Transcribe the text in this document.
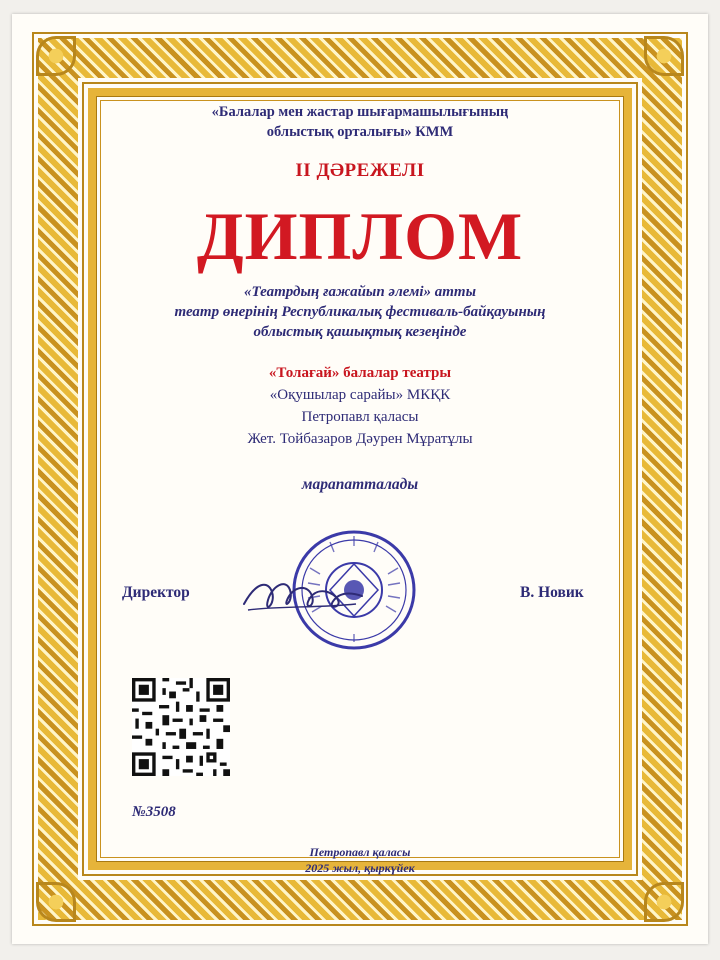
«Балалар мен жастар шығармашылығының
облыстық орталығы» КММ
II ДӘРЕЖЕЛІ
ДИПЛОМ
«Театрдың ғажайып әлемі» атты
театр өнерінің Республикалық фестиваль-байқауының
облыстық қашықтық кезеңінде
«Толағай» балалар театры
«Оқушылар сарайы» МКҚК
Петропавл қаласы
Жет. Тойбазаров Дәурен Мұратұлы
марапатталады
Директор	В. Новик
№3508
Петропавл қаласы
2025 жыл, қыркүйек
